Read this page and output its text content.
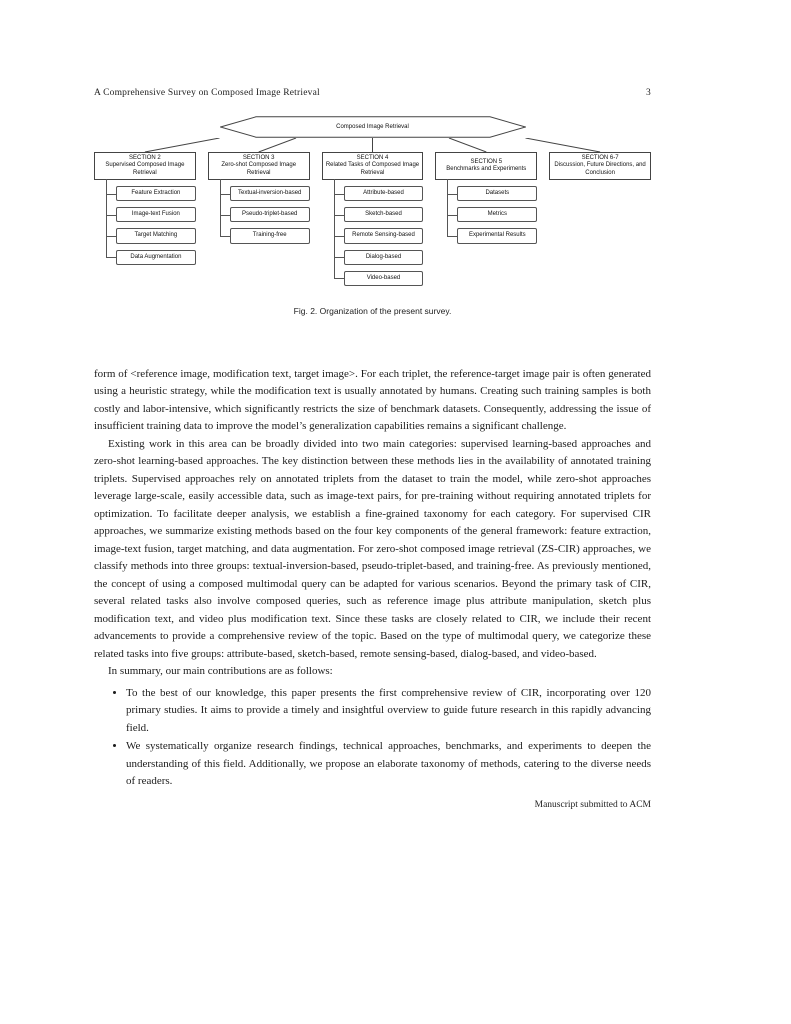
A Comprehensive Survey on Composed Image Retrieval	3
Composed Image Retrieval
SECTION 2
Supervised Composed Image Retrieval
Feature Extraction
Image-text Fusion
Target Matching
Data Augmentation
SECTION 3
Zero-shot Composed Image Retrieval
Textual-inversion-based
Pseudo-triplet-based
Training-free
SECTION 4
Related Tasks of Composed Image Retrieval
Attribute-based
Sketch-based
Remote Sensing-based
Dialog-based
Video-based
SECTION 5
Benchmarks and Experiments
Datasets
Metrics
Experimental Results
SECTION 6-7
Discussion, Future Directions, and Conclusion
Fig. 2. Organization of the present survey.

form of <reference image, modification text, target image>. For each triplet, the reference-target image pair is often generated using a heuristic strategy, while the modification text is usually annotated by humans. Creating such training samples is both costly and labor-intensive, which significantly restricts the size of benchmark datasets. Consequently, addressing the issue of insufficient training data to improve the model’s generalization capabilities remains a significant challenge.

Existing work in this area can be broadly divided into two main categories: supervised learning-based approaches and zero-shot learning-based approaches. The key distinction between these methods lies in the availability of annotated training triplets. Supervised approaches rely on annotated triplets from the dataset to train the model, while zero-shot approaches leverage large-scale, easily accessible data, such as image-text pairs, for pre-training without requiring annotated triplets for optimization. To facilitate deeper analysis, we establish a fine-grained taxonomy for each category. For supervised CIR approaches, we summarize existing methods based on the four key components of the general framework: feature extraction, image-text fusion, target matching, and data augmentation. For zero-shot composed image retrieval (ZS-CIR) approaches, we classify methods into three groups: textual-inversion-based, pseudo-triplet-based, and training-free. As previously mentioned, the concept of using a composed multimodal query can be adapted for various scenarios. Beyond the primary task of CIR, several related tasks also involve composed queries, such as reference image plus attribute manipulation, sketch plus modification text, and video plus modification text. Since these tasks are closely related to CIR, we include their recent advancements to provide a comprehensive review of the topic. Based on the type of multimodal query, we categorize these related tasks into five groups: attribute-based, sketch-based, remote sensing-based, dialog-based, and video-based.

In summary, our main contributions are as follows:

• To the best of our knowledge, this paper presents the first comprehensive review of CIR, incorporating over 120 primary studies. It aims to provide a timely and insightful overview to guide future research in this rapidly advancing field.
• We systematically organize research findings, technical approaches, benchmarks, and experiments to deepen the understanding of this field. Additionally, we propose an elaborate taxonomy of methods, catering to the diverse needs of readers.
Manuscript submitted to ACM
